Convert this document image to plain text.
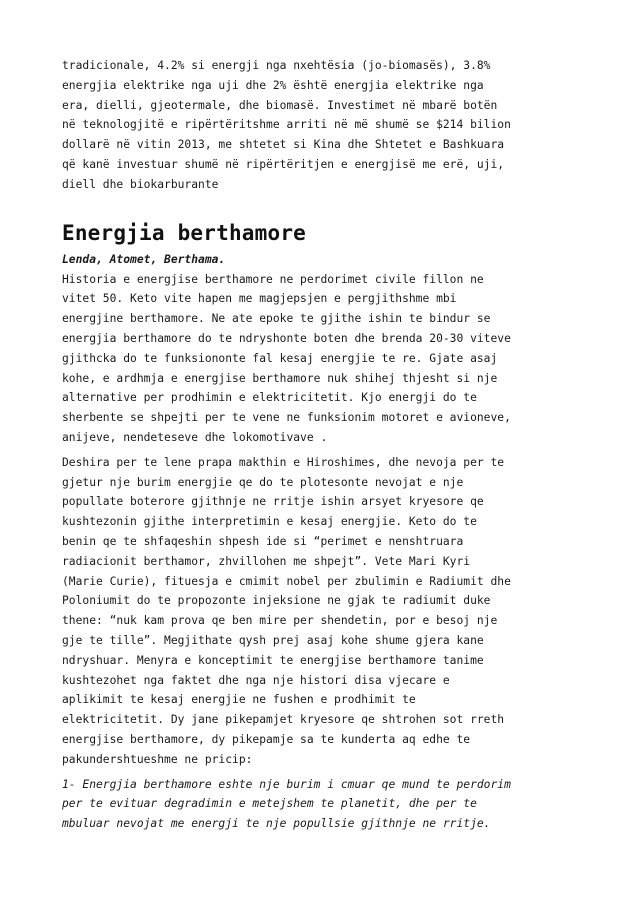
tradicionale, 4.2% si energji nga nxehtësia (jo-biomasës), 3.8%
energjia elektrike nga uji dhe 2% është energjia elektrike nga
era, dielli, gjeotermale, dhe biomasë. Investimet në mbarë botën
në teknologjitë e ripërtëritshme arriti në më shumë se $214 bilion
dollarë në vitin 2013, me shtetet si Kina dhe Shtetet e Bashkuara
që kanë investuar shumë në ripërtëritjen e energjisë me erë, uji,
diell dhe biokarburante

Energjia berthamore
Lenda, Atomet, Berthama.

Historia e energjise berthamore ne perdorimet civile fillon ne
vitet 50. Keto vite hapen me magjepsjen e pergjithshme mbi
energjine berthamore. Ne ate epoke te gjithe ishin te bindur se
energjia berthamore do te ndryshonte boten dhe brenda 20-30 viteve
gjithcka do te funksiononte fal kesaj energjie te re. Gjate asaj
kohe, e ardhmja e energjise berthamore nuk shihej thjesht si nje
alternative per prodhimin e elektricitetit. Kjo energji do te
sherbente se shpejti per te vene ne funksionim motoret e avioneve,
anijeve, nendeteseve dhe lokomotivave .

Deshira per te lene prapa makthin e Hiroshimes, dhe nevoja per te
gjetur nje burim energjie qe do te plotesonte nevojat e nje
popullate boterore gjithnje ne rritje ishin arsyet kryesore qe
kushtezonin gjithe interpretimin e kesaj energjie. Keto do te
benin qe te shfaqeshin shpesh ide si “perimet e nenshtruara
radiacionit berthamor, zhvillohen me shpejt”. Vete Mari Kyri
(Marie Curie), fituesja e cmimit nobel per zbulimin e Radiumit dhe
Poloniumit do te propozonte injeksione ne gjak te radiumit duke
thene: “nuk kam prova qe ben mire per shendetin, por e besoj nje
gje te tille”. Megjithate qysh prej asaj kohe shume gjera kane
ndryshuar. Menyra e konceptimit te energjise berthamore tanime
kushtezohet nga faktet dhe nga nje histori disa vjecare e
aplikimit te kesaj energjie ne fushen e prodhimit te
elektricitetit. Dy jane pikepamjet kryesore qe shtrohen sot rreth
energjise berthamore, dy pikepamje sa te kunderta aq edhe te
pakundershtueshme ne pricip:

1- Energjia berthamore eshte nje burim i cmuar qe mund te perdorim
per te evituar degradimin e metejshem te planetit, dhe per te
mbuluar nevojat me energji te nje popullsie gjithnje ne rritje.
